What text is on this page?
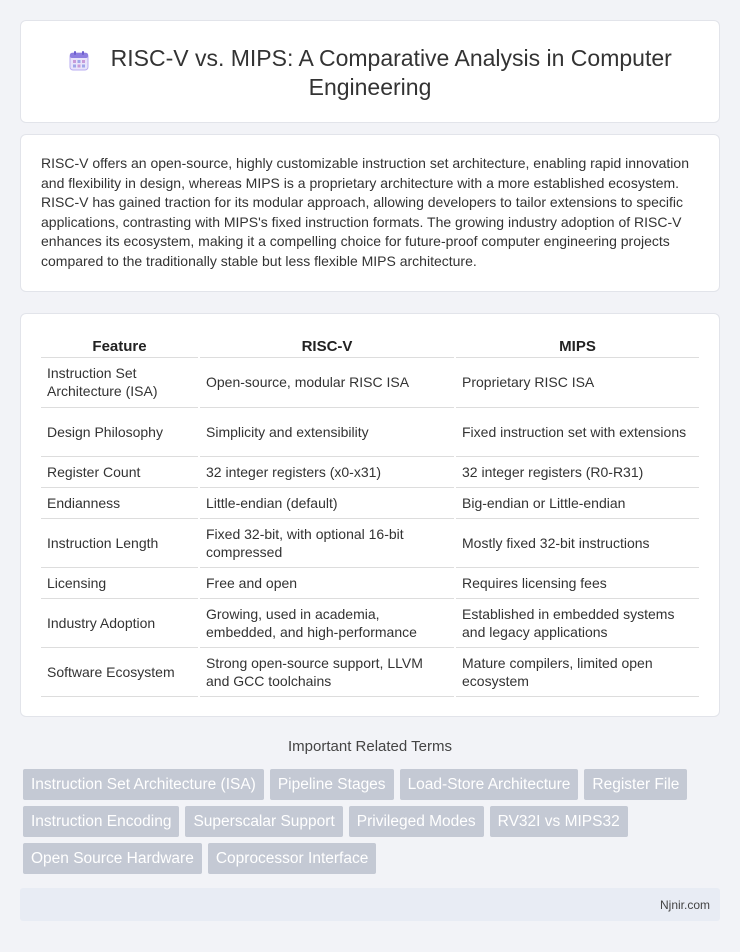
RISC-V vs. MIPS: A Comparative Analysis in Computer Engineering

RISC-V offers an open-source, highly customizable instruction set architecture, enabling rapid innovation and flexibility in design, whereas MIPS is a proprietary architecture with a more established ecosystem. RISC-V has gained traction for its modular approach, allowing developers to tailor extensions to specific applications, contrasting with MIPS's fixed instruction formats. The growing industry adoption of RISC-V enhances its ecosystem, making it a compelling choice for future-proof computer engineering projects compared to the traditionally stable but less flexible MIPS architecture.

Feature	RISC-V	MIPS
Instruction Set Architecture (ISA)	Open-source, modular RISC ISA	Proprietary RISC ISA
Design Philosophy	Simplicity and extensibility	Fixed instruction set with extensions
Register Count	32 integer registers (x0-x31)	32 integer registers (R0-R31)
Endianness	Little-endian (default)	Big-endian or Little-endian
Instruction Length	Fixed 32-bit, with optional 16-bit compressed	Mostly fixed 32-bit instructions
Licensing	Free and open	Requires licensing fees
Industry Adoption	Growing, used in academia, embedded, and high-performance	Established in embedded systems and legacy applications
Software Ecosystem	Strong open-source support, LLVM and GCC toolchains	Mature compilers, limited open ecosystem
Important Related Terms
Instruction Set Architecture (ISA)	Pipeline Stages	Load-Store Architecture	Register File
Instruction Encoding	Superscalar Support	Privileged Modes	RV32I vs MIPS32
Open Source Hardware	Coprocessor Interface
Njnir.com
